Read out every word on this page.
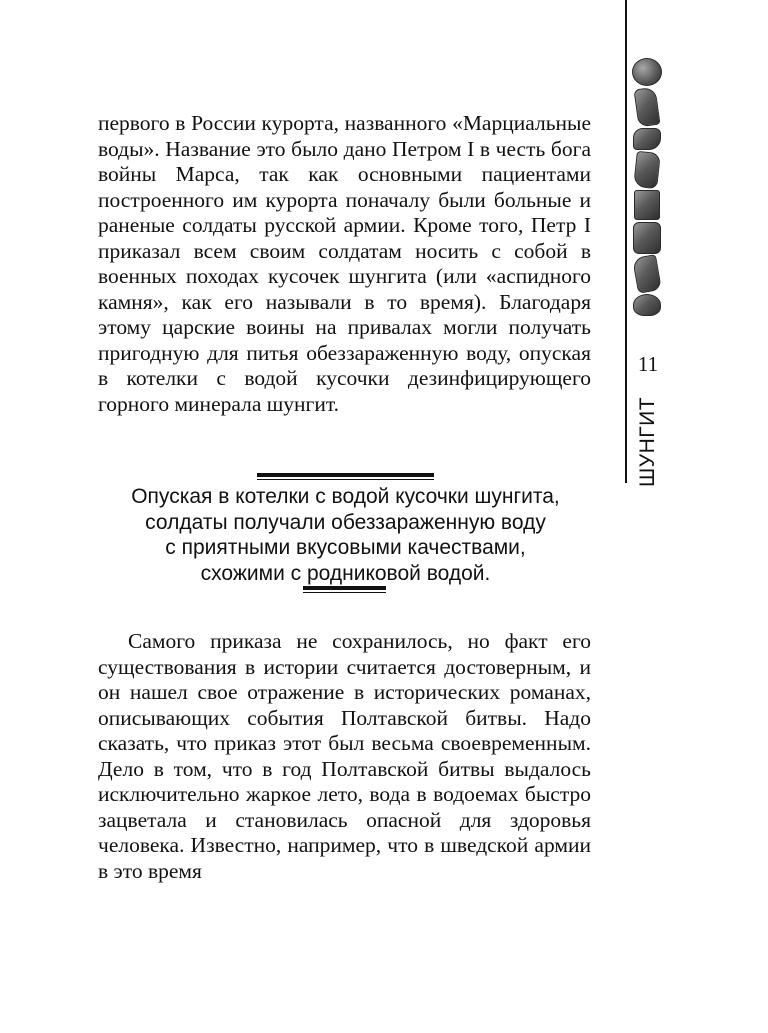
первого в России курорта, названного «Марциальные воды». Название это было дано Петром I в честь бога войны Марса, так как основными пациентами построенного им курорта поначалу были больные и раненые солдаты русской армии. Кроме того, Петр I приказал всем своим солдатам носить с собой в военных походах кусочек шунгита (или «аспидного камня», как его называли в то время). Благодаря этому царские воины на привалах могли получать пригодную для питья обеззараженную воду, опуская в котелки с водой кусочки дезинфицирующего горного минерала шунгит.

Опуская в котелки с водой кусочки шунгита,
солдаты получали обеззараженную воду
с приятными вкусовыми качествами,
схожими с родниковой водой.

Самого приказа не сохранилось, но факт его существования в истории считается достоверным, и он нашел свое отражение в исторических романах, описывающих события Полтавской битвы. Надо сказать, что приказ этот был весьма своевременным. Дело в том, что в год Полтавской битвы выдалось исключительно жаркое лето, вода в водоемах быстро зацветала и становилась опасной для здоровья человека. Известно, например, что в шведской армии в это время

11
ШУНГИТ
